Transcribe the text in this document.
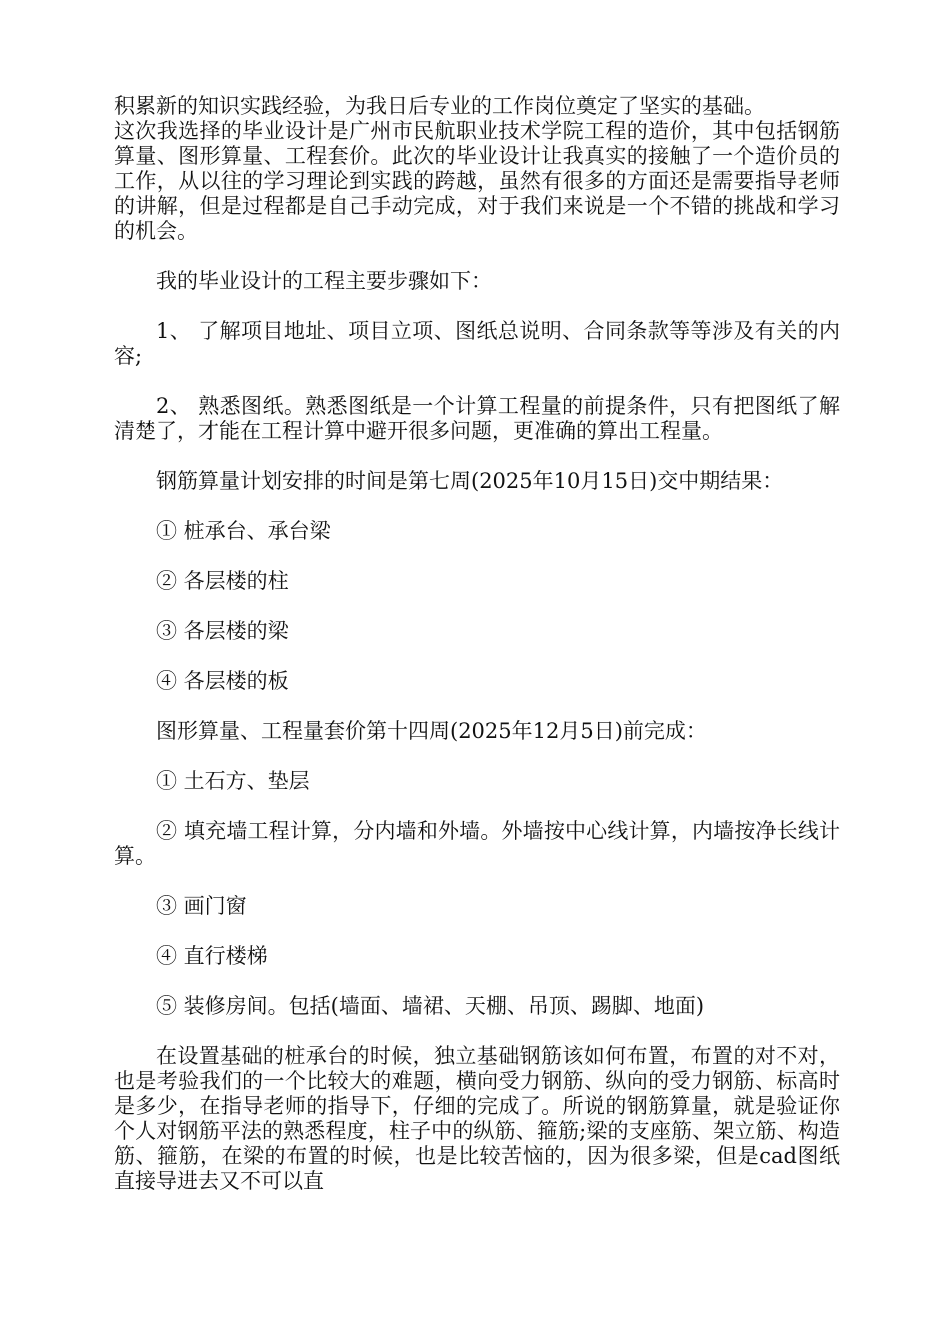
积累新的知识实践经验，为我日后专业的工作岗位奠定了坚实的基础。

这次我选择的毕业设计是广州市民航职业技术学院工程的造价，其中包括钢筋算量、图形算量、工程套价。此次的毕业设计让我真实的接触了一个造价员的工作，从以往的学习理论到实践的跨越，虽然有很多的方面还是需要指导老师的讲解，但是过程都是自己手动完成，对于我们来说是一个不错的挑战和学习的机会。

我的毕业设计的工程主要步骤如下：

1、 了解项目地址、项目立项、图纸总说明、合同条款等等涉及有关的内容;

2、 熟悉图纸。熟悉图纸是一个计算工程量的前提条件，只有把图纸了解清楚了，才能在工程计算中避开很多问题，更准确的算出工程量。

钢筋算量计划安排的时间是第七周(2025年10月15日)交中期结果：

① 桩承台、承台梁

② 各层楼的柱

③ 各层楼的梁

④ 各层楼的板

图形算量、工程量套价第十四周(2025年12月5日)前完成：

① 土石方、垫层

② 填充墙工程计算，分内墙和外墙。外墙按中心线计算，内墙按净长线计算。

③ 画门窗

④ 直行楼梯

⑤ 装修房间。包括(墙面、墙裙、天棚、吊顶、踢脚、地面)

在设置基础的桩承台的时候，独立基础钢筋该如何布置，布置的对不对，也是考验我们的一个比较大的难题，横向受力钢筋、纵向的受力钢筋、标高时是多少，在指导老师的指导下，仔细的完成了。所说的钢筋算量，就是验证你个人对钢筋平法的熟悉程度，柱子中的纵筋、箍筋;梁的支座筋、架立筋、构造筋、箍筋，在梁的布置的时候，也是比较苦恼的，因为很多梁，但是cad图纸直接导进去又不可以直
